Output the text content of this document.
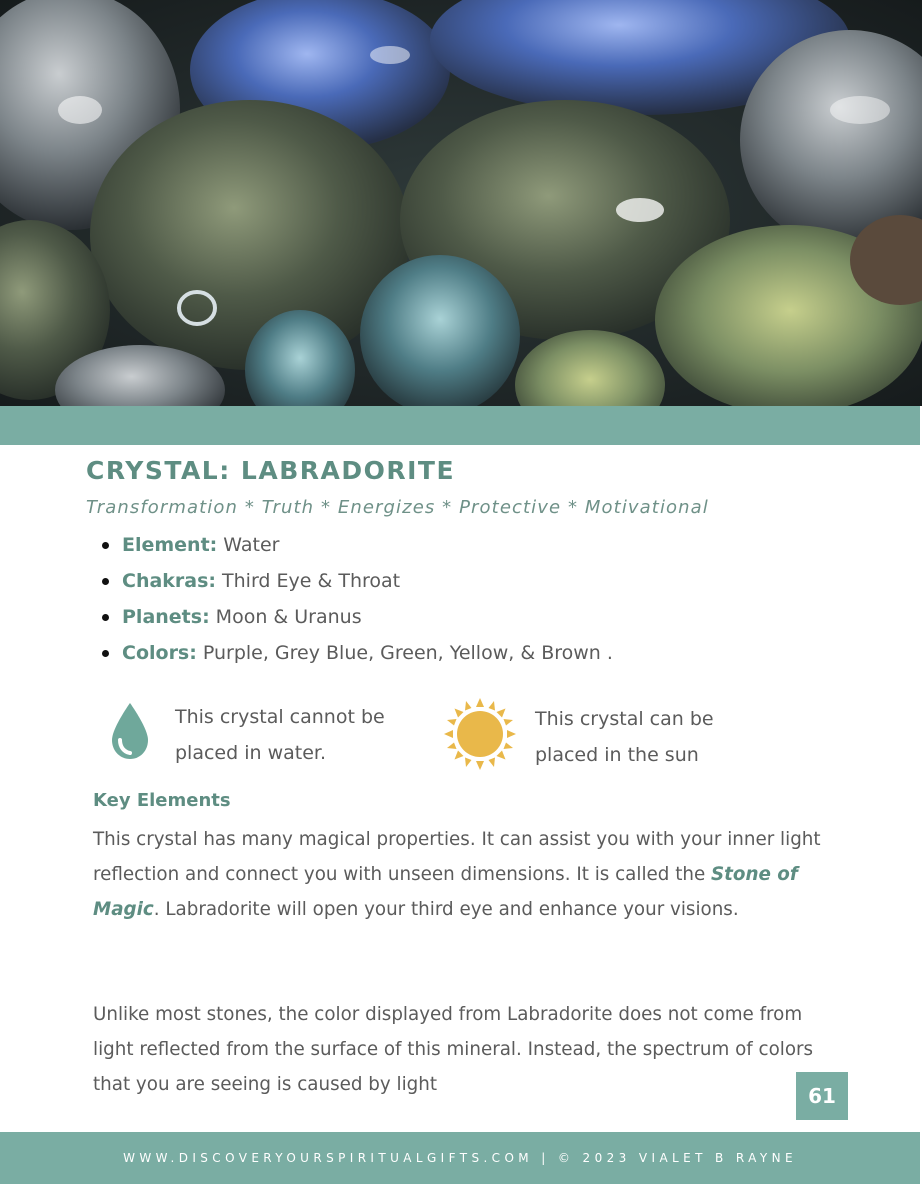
CRYSTAL: LABRADORITE

Transformation * Truth * Energizes * Protective * Motivational

Element: Water
Chakras: Third Eye & Throat
Planets: Moon & Uranus
Colors: Purple, Grey Blue, Green, Yellow, & Brown .
This crystal cannot be
placed in water.
This crystal can be
placed in the sun
Key Elements

This crystal has many magical properties. It can assist you with your inner light reflection and connect you with unseen dimensions. It is called the Stone of Magic. Labradorite will open your third eye and enhance your visions.

Unlike most stones, the color displayed from Labradorite does not come from light reflected from the surface of this mineral. Instead, the spectrum of colors that you are seeing is caused by light	61
WWW.DISCOVERYOURSPIRITUALGIFTS.COM | © 2023 VIALET B RAYNE
